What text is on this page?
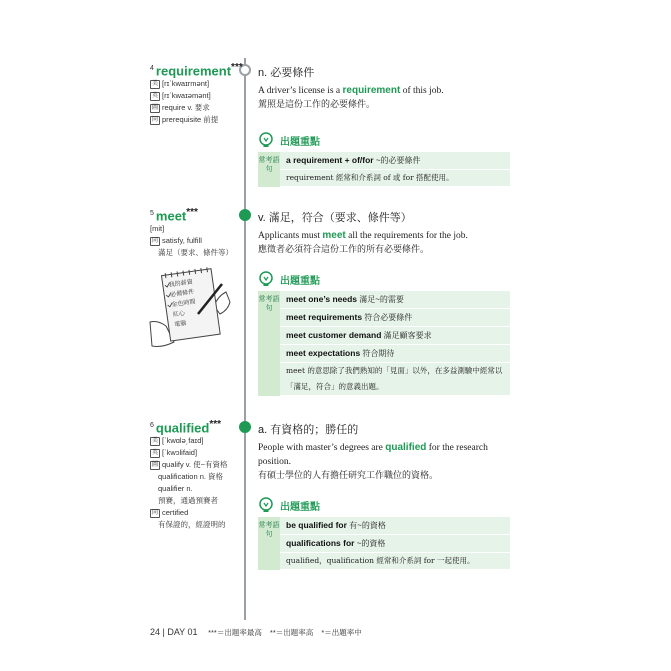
$^4$ requirement***
美 [rɪˋkwaɪrmənt]
英 [rɪˋkwaɪəmənt]
圖 require v. 要求
同 prerequisite 前提
n. 必要條件
A driver’s license is a requirement of this job.
駕照是這份工作的必要條件。
出題重點
常考語句
a requirement + of/for ~的必要條件
requirement 經常和介系詞 of 或 for 搭配使用。
$^5$ meet***
[mit]
同 satisfy, fulfill
滿足（要求、條件等）
我的薪資
必備條件
金色時間
紅心
電腦
v. 滿足，符合（要求、條件等）
Applicants must meet all the requirements for the job.
應徵者必須符合這份工作的所有必要條件。
出題重點
常考語句
meet one’s needs 滿足~的需要
meet requirements 符合必要條件
meet customer demand 滿足顧客要求
meet expectations 符合期待
meet 的意思除了我們熟知的「見面」以外，在多益測驗中經常以「滿足，符合」的意義出題。
$^6$ qualified***
美 [ˋkwɑlə͵faɪd]
英 [ˋkwɔlifaid]
圖 qualify v. 使~有資格
qualification n. 資格
qualifier n.
預賽，通過預賽者
同 certified
有保證的，經證明的
a. 有資格的；勝任的
People with master’s degrees are qualified for the research position.
有碩士學位的人有擔任研究工作職位的資格。
出題重點
常考語句
be qualified for 有~的資格
qualifications for ~的資格
qualified，qualification 經常和介系詞 for 一起使用。
24 | DAY 01 ***＝出題率最高 **＝出題率高 *＝出題率中
